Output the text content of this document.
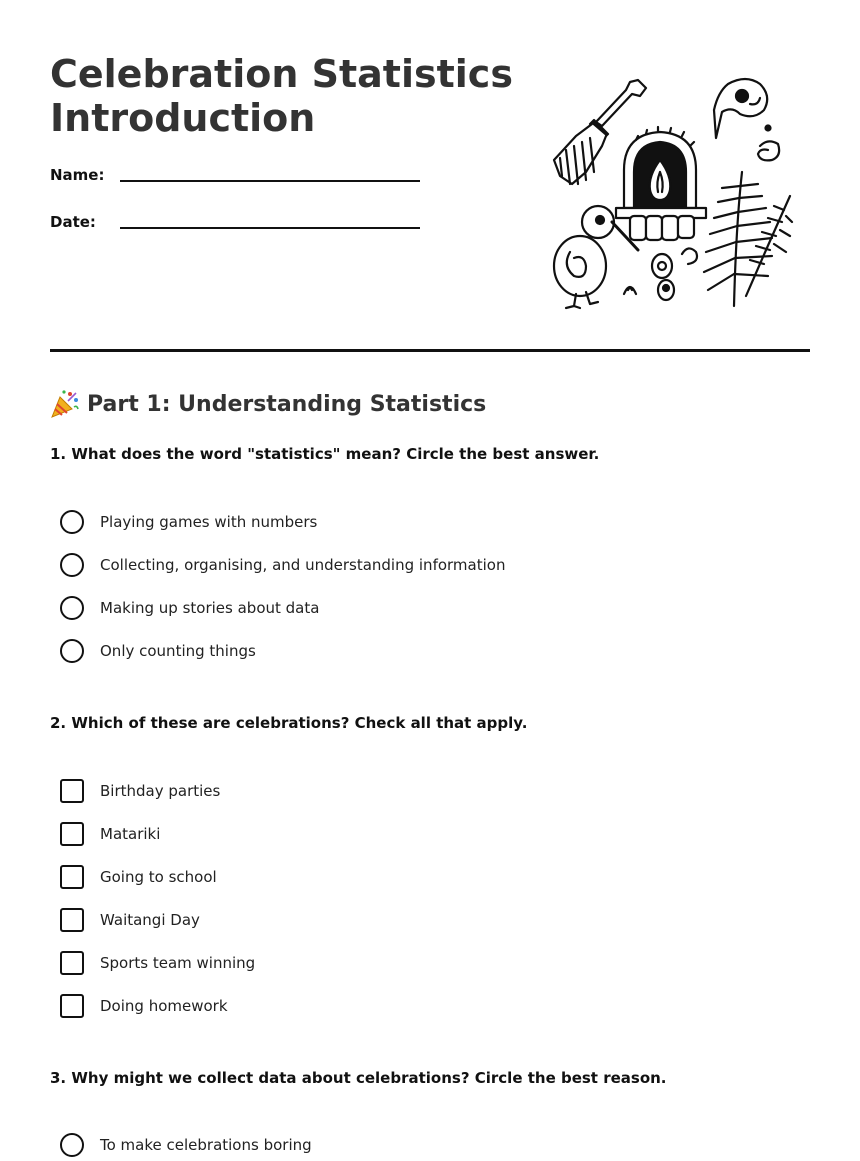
Celebration Statistics
Introduction
Name:
Date:
Part 1: Understanding Statistics
1. What does the word "statistics" mean? Circle the best answer.
Playing games with numbers
Collecting, organising, and understanding information
Making up stories about data
Only counting things
2. Which of these are celebrations? Check all that apply.
Birthday parties
Matariki
Going to school
Waitangi Day
Sports team winning
Doing homework
3. Why might we collect data about celebrations? Circle the best reason.
To make celebrations boring
